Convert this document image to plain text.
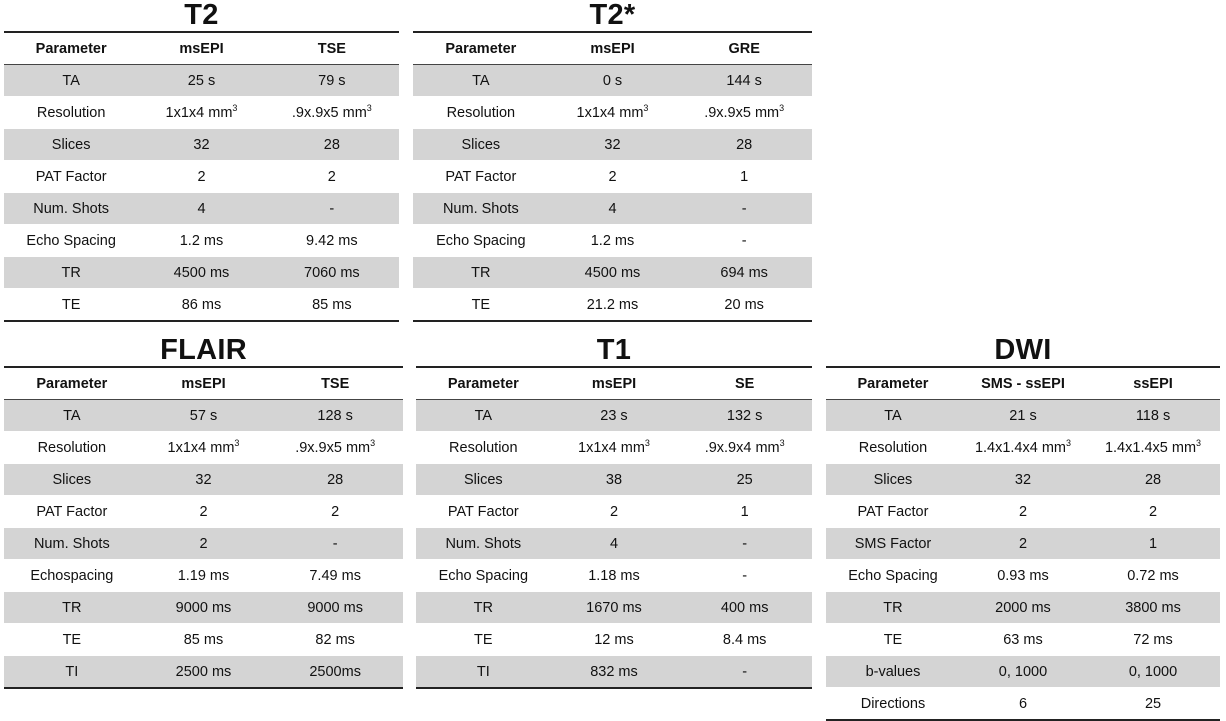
T2
Parameter	msEPI	TSE
TA	25 s	79 s
Resolution	1x1x4 $mm^3$	.9x.9x5 $mm^3$
Slices	32	28
PAT Factor	2	2
Num. Shots	4	-
Echo Spacing	1.2 ms	9.42 ms
TR	4500 ms	7060 ms
TE	86 ms	85 ms
T2*
Parameter	msEPI	GRE
TA	0 s	144 s
Resolution	1x1x4 $mm^3$	.9x.9x5 $mm^3$
Slices	32	28
PAT Factor	2	1
Num. Shots	4	-
Echo Spacing	1.2 ms	-
TR	4500 ms	694 ms
TE	21.2 ms	20 ms
FLAIR
Parameter	msEPI	TSE
TA	57 s	128 s
Resolution	1x1x4 $mm^3$	.9x.9x5 $mm^3$
Slices	32	28
PAT Factor	2	2
Num. Shots	2	-
Echospacing	1.19 ms	7.49 ms
TR	9000 ms	9000 ms
TE	85 ms	82 ms
TI	2500 ms	2500ms
T1
Parameter	msEPI	SE
TA	23 s	132 s
Resolution	1x1x4 $mm^3$	.9x.9x4 $mm^3$
Slices	38	25
PAT Factor	2	1
Num. Shots	4	-
Echo Spacing	1.18 ms	-
TR	1670 ms	400 ms
TE	12 ms	8.4 ms
TI	832 ms	-
DWI
Parameter	SMS - ssEPI	ssEPI
TA	21 s	118 s
Resolution	1.4x1.4x4 $mm^3$	1.4x1.4x5 $mm^3$
Slices	32	28
PAT Factor	2	2
SMS Factor	2	1
Echo Spacing	0.93 ms	0.72 ms
TR	2000 ms	3800 ms
TE	63 ms	72 ms
b-values	0, 1000	0, 1000
Directions	6	25
